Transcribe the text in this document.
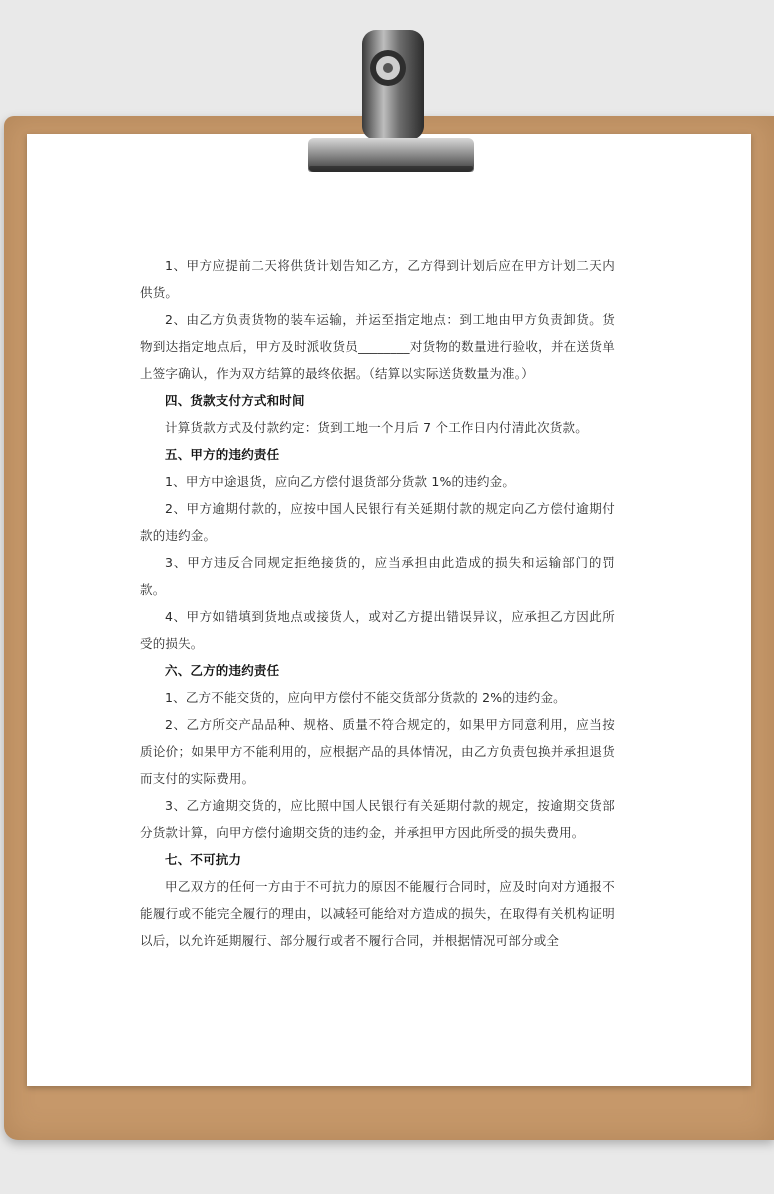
1、甲方应提前二天将供货计划告知乙方，乙方得到计划后应在甲方计划二天内供货。

2、由乙方负责货物的装车运输，并运至指定地点：到工地由甲方负责卸货。货物到达指定地点后，甲方及时派收货员________对货物的数量进行验收，并在送货单上签字确认，作为双方结算的最终依据。（结算以实际送货数量为准。）

四、货款支付方式和时间

计算货款方式及付款约定：货到工地一个月后 7 个工作日内付清此次货款。

五、甲方的违约责任

1、甲方中途退货，应向乙方偿付退货部分货款 1%的违约金。

2、甲方逾期付款的，应按中国人民银行有关延期付款的规定向乙方偿付逾期付款的违约金。

3、甲方违反合同规定拒绝接货的，应当承担由此造成的损失和运输部门的罚款。

4、甲方如错填到货地点或接货人，或对乙方提出错误异议，应承担乙方因此所受的损失。

六、乙方的违约责任

1、乙方不能交货的，应向甲方偿付不能交货部分货款的 2%的违约金。

2、乙方所交产品品种、规格、质量不符合规定的，如果甲方同意利用，应当按质论价；如果甲方不能利用的，应根据产品的具体情况，由乙方负责包换并承担退货而支付的实际费用。

3、乙方逾期交货的，应比照中国人民银行有关延期付款的规定，按逾期交货部分货款计算，向甲方偿付逾期交货的违约金，并承担甲方因此所受的损失费用。

七、不可抗力

甲乙双方的任何一方由于不可抗力的原因不能履行合同时，应及时向对方通报不能履行或不能完全履行的理由，以减轻可能给对方造成的损失，在取得有关机构证明以后，以允许延期履行、部分履行或者不履行合同，并根据情况可部分或全
